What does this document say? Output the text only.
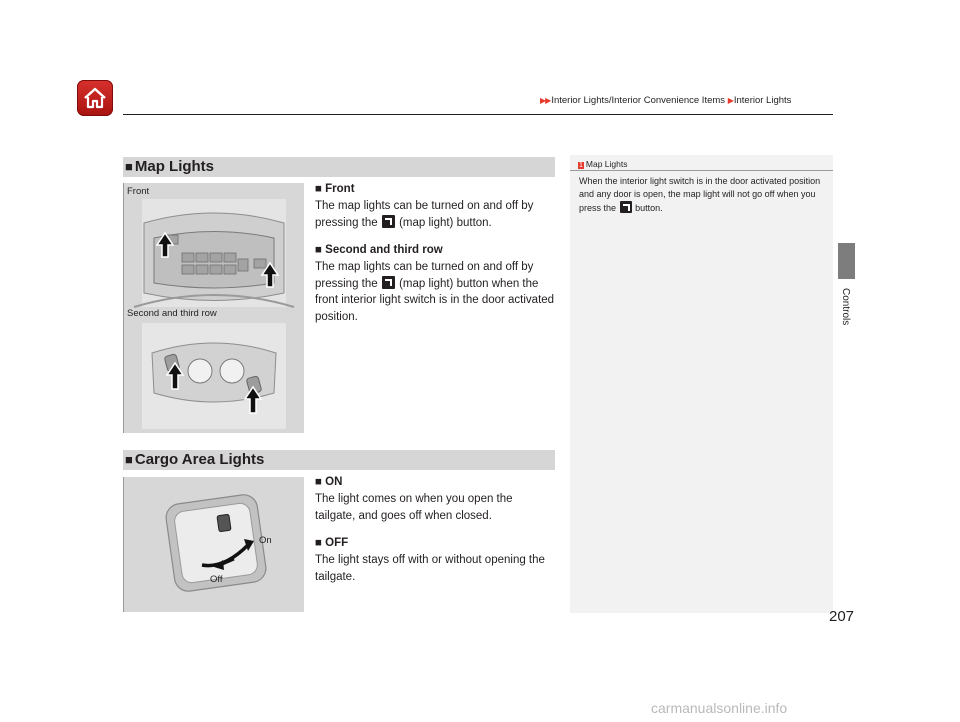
▶▶Interior Lights/Interior Convenience Items ▶Interior Lights
Controls
■ Map Lights
Front
Second and third row
■ Front
The map lights can be turned on and off by pressing the (map light) button.
■ Second and third row
The map lights can be turned on and off by pressing the (map light) button when the front interior light switch is in the door activated position.
■ Cargo Area Lights
On
Off
■ ON
The light comes on when you open the tailgate, and goes off when closed.
■ OFF
The light stays off with or without opening the tailgate.
1 Map Lights
When the interior light switch is in the door activated position and any door is open, the map light will not go off when you press the button.
207
carmanualsonline.info
